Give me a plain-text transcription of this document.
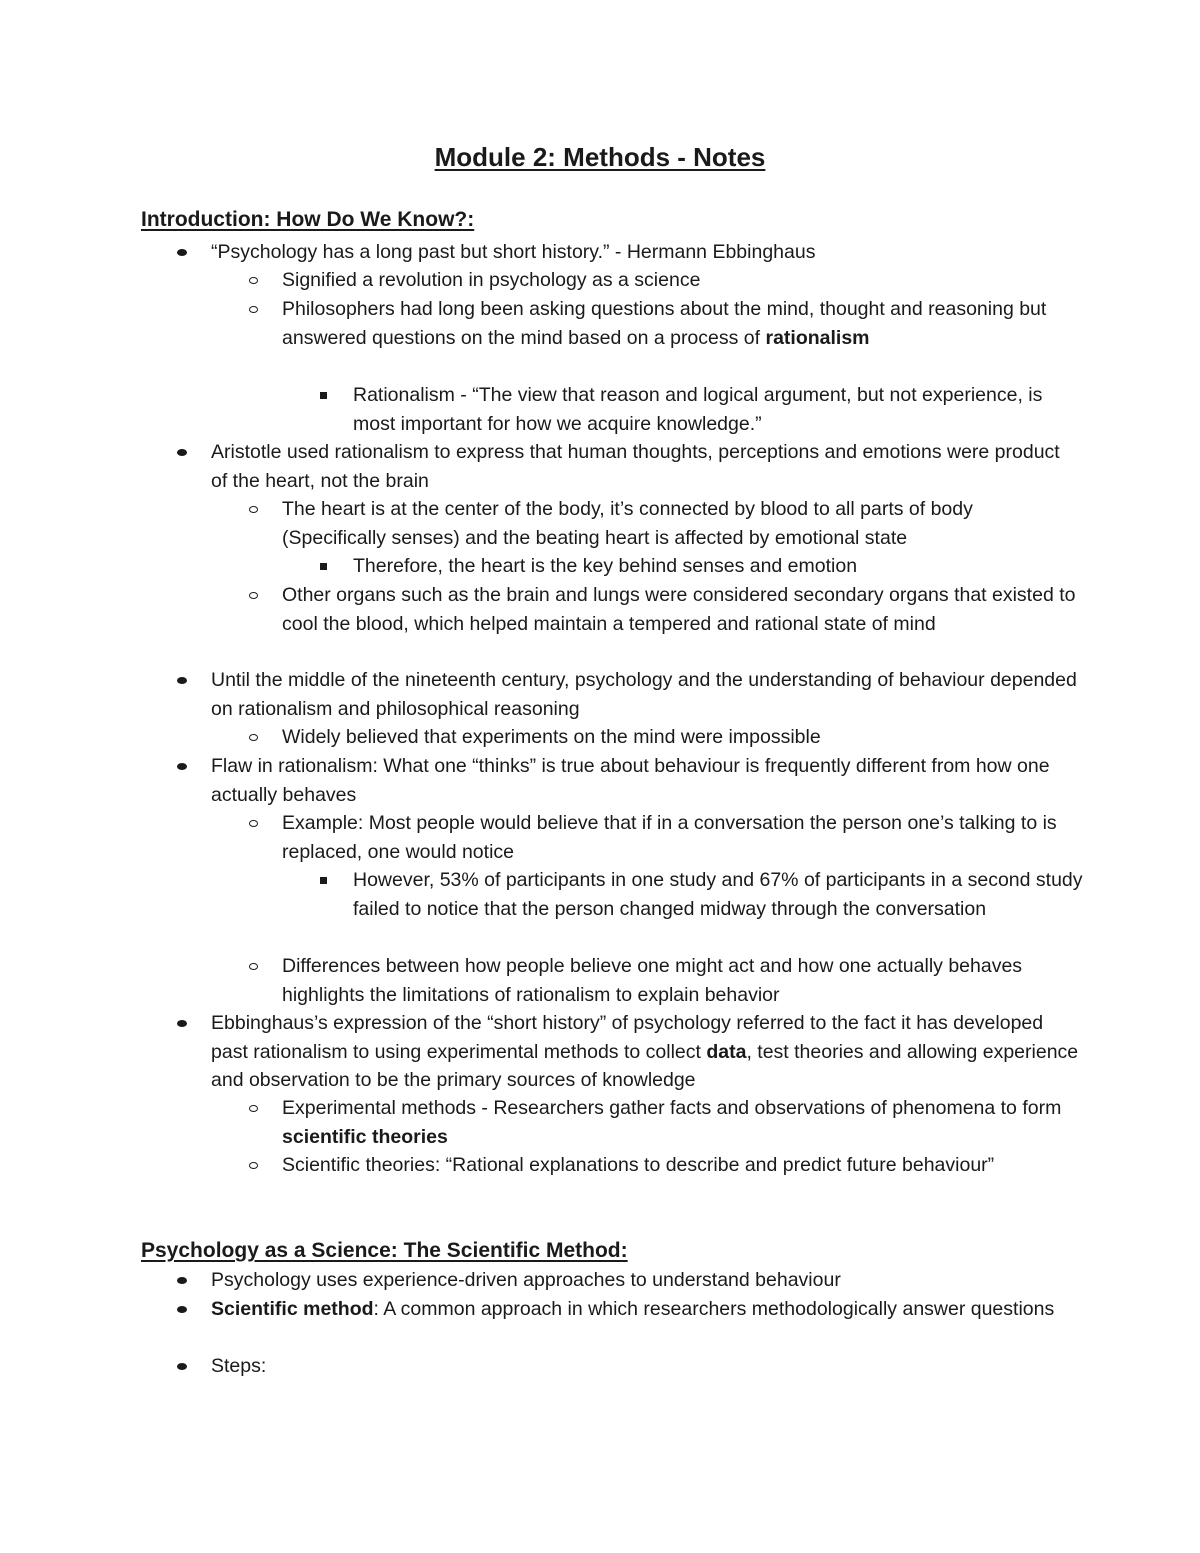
Module 2: Methods - Notes
Introduction: How Do We Know?:
“Psychology has a long past but short history.” - Hermann Ebbinghaus
Signified a revolution in psychology as a science
Philosophers had long been asking questions about the mind, thought and reasoning but answered questions on the mind based on a process of rationalism
Rationalism - “The view that reason and logical argument, but not experience, is most important for how we acquire knowledge.”
Aristotle used rationalism to express that human thoughts, perceptions and emotions were product of the heart, not the brain
The heart is at the center of the body, it’s connected by blood to all parts of body (Specifically senses) and the beating heart is affected by emotional state
Therefore, the heart is the key behind senses and emotion
Other organs such as the brain and lungs were considered secondary organs that existed to cool the blood, which helped maintain a tempered and rational state of mind
Until the middle of the nineteenth century, psychology and the understanding of behaviour depended on rationalism and philosophical reasoning
Widely believed that experiments on the mind were impossible
Flaw in rationalism: What one “thinks” is true about behaviour is frequently different from how one actually behaves
Example: Most people would believe that if in a conversation the person one’s talking to is replaced, one would notice
However, 53% of participants in one study and 67% of participants in a second study failed to notice that the person changed midway through the conversation
Differences between how people believe one might act and how one actually behaves highlights the limitations of rationalism to explain behavior
Ebbinghaus’s expression of the “short history” of psychology referred to the fact it has developed past rationalism to using experimental methods to collect data, test theories and allowing experience and observation to be the primary sources of knowledge
Experimental methods - Researchers gather facts and observations of phenomena to form scientific theories
Scientific theories: “Rational explanations to describe and predict future behaviour”
Psychology as a Science: The Scientific Method:
Psychology uses experience-driven approaches to understand behaviour
Scientific method: A common approach in which researchers methodologically answer questions
Steps:
